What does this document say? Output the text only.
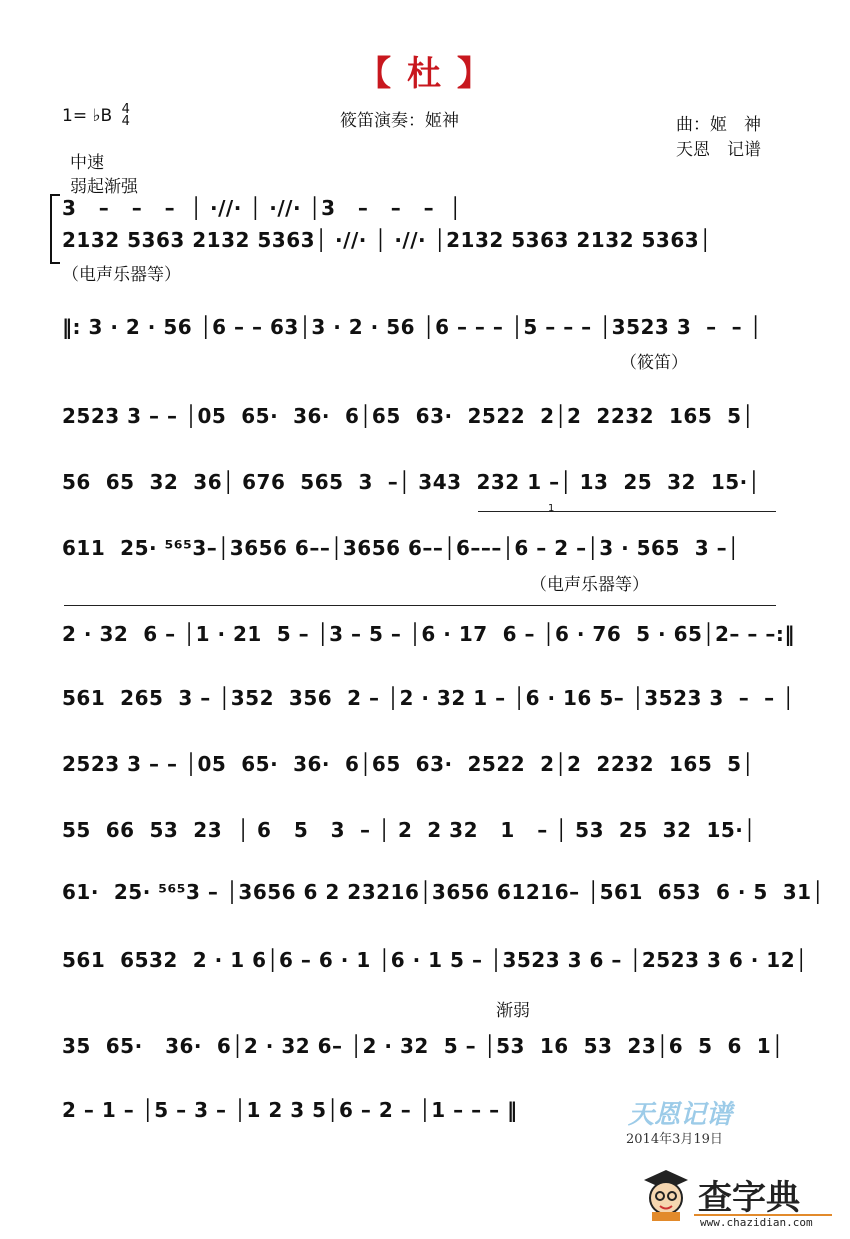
【 杜 】
1= ♭B 4
4	筱笛演奏：姬神	曲：姬　神
天恩　记谱
中速
弱起渐强
3   –   –   –  │ ·//· │ ·//· │3   –   –   –  │
2132 5363 2132 5363│ ·//· │ ·//· │2132 5363 2132 5363│
（电声乐器等）
‖: 3 · 2 · 56 │6 – – 63│3 · 2 · 56 │6 – – – │5 – – – │3523 3  –  – │
（筱笛）
2523 3 – – │05  65·  36·  6│65  63·  2522  2│2  2232  165  5│
56  65  32  36│ 676  565  3  –│ 343  232 1 –│ 13  25  32  15·│
1
611  25· ⁵⁶⁵3–│3656 6––│3656 6––│6–––│6 – 2 –│3 · 565  3 –│
（电声乐器等）
2 · 32  6 – │1 · 21  5 – │3 – 5 – │6 · 17  6 – │6 · 76  5 · 65│2– – –:‖
561  265  3 – │352  356  2 – │2 · 32 1 – │6 · 16 5– │3523 3  –  – │
2523 3 – – │05  65·  36·  6│65  63·  2522  2│2  2232  165  5│
55  66  53  23  │ 6   5   3  – │ 2  2 32   1   – │ 53  25  32  15·│
61·  25· ⁵⁶⁵3 – │3656 6 2 23216│3656 61216– │561  653  6 · 5  31│
561  6532  2 · 1 6│6 – 6 · 1 │6 · 1 5 – │3523 3 6 – │2523 3 6 · 12│
渐弱
35  65·   36·  6│2 · 32 6– │2 · 32  5 – │53  16  53  23│6  5  6  1│
2 – 1 – │5 – 3 – │1 2 3 5│6 – 2 – │1 – – – ‖	天恩记谱
2014年3月19日
查字典
www.chazidian.com
